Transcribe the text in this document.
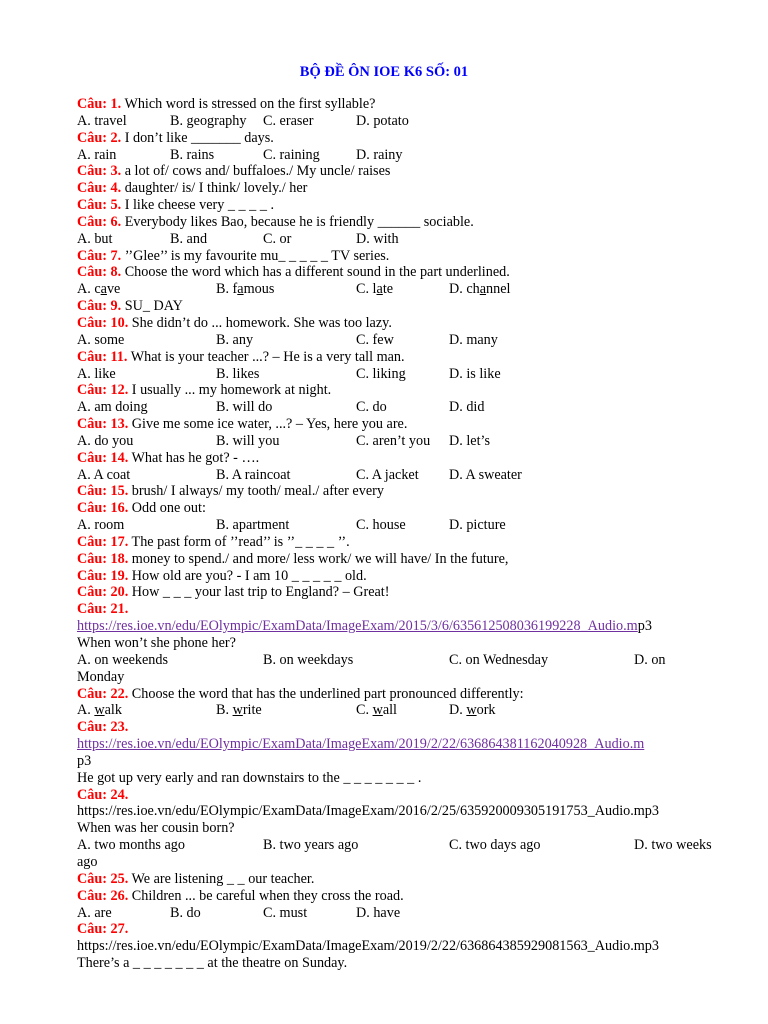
BỘ ĐỀ ÔN IOE K6 SỐ: 01
Câu: 1. Which word is stressed on the first syllable?
A. travel	B. geography C. eraser	D. potato
Câu: 2. I don’t like _______ days.
A. rain	B. rains	C. raining	D. rainy
Câu: 3. a lot of/ cows and/ buffaloes./ My uncle/ raises
Câu: 4. daughter/ is/ I think/ lovely./ her
Câu: 5. I like cheese very _ _ _ _ .
Câu: 6. Everybody likes Bao, because he is friendly ______ sociable.
A. but	B. and	C. or	D. with
Câu: 7. ’’Glee’’ is my favourite mu_ _ _ _ _ TV series.
Câu: 8. Choose the word which has a different sound in the part underlined.
A. cave	B. famous	C. late	D. channel
Câu: 9. SU_ DAY
Câu: 10. She didn’t do ... homework. She was too lazy.
A. some	B. any	C. few	D. many
Câu: 11. What is your teacher ...? – He is a very tall man.
A. like	B. likes	C. liking	D. is like
Câu: 12. I usually ... my homework at night.
A. am doing	B. will do	C. do	D. did
Câu: 13. Give me some ice water, ...? – Yes, here you are.
A. do you	B. will you	C. aren’t you D. let’s
Câu: 14. What has he got? - ….
A. A coat	B. A raincoat	C. A jacket D. A sweater
Câu: 15. brush/ I always/ my tooth/ meal./ after every
Câu: 16. Odd one out:
A. room	B. apartment	C. house	D. picture
Câu: 17. The past form of ’’read’’ is ’’_ _ _ _ ’’.
Câu: 18. money to spend./ and more/ less work/ we will have/ In the future,
Câu: 19. How old are you? - I am 10 _ _ _ _ _ old.
Câu: 20. How _ _ _ your last trip to England? – Great!
Câu: 21.
https://res.ioe.vn/edu/EOlympic/ExamData/ImageExam/2015/3/6/635612508036199228_Audio.mp3
When won’t she phone her?
A. on weekends	B. on weekdays	C. on Wednesday	D. on
Monday
Câu: 22. Choose the word that has the underlined part pronounced differently:
A. walk	B. write	C. wall	D. work
Câu: 23.
https://res.ioe.vn/edu/EOlympic/ExamData/ImageExam/2019/2/22/636864381162040928_Audio.m
p3
He got up very early and ran downstairs to the _ _ _ _ _ _ _ .
Câu: 24.
https://res.ioe.vn/edu/EOlympic/ExamData/ImageExam/2016/2/25/635920009305191753_Audio.mp3
When was her cousin born?
A. two months ago	B. two years ago	C. two days ago	D. two weeks
ago
Câu: 25. We are listening _ _ our teacher.
Câu: 26. Children ... be careful when they cross the road.
A. are	B. do	C. must	D. have
Câu: 27.
https://res.ioe.vn/edu/EOlympic/ExamData/ImageExam/2019/2/22/636864385929081563_Audio.mp3
There’s a _ _ _ _ _ _ _ at the theatre on Sunday.
